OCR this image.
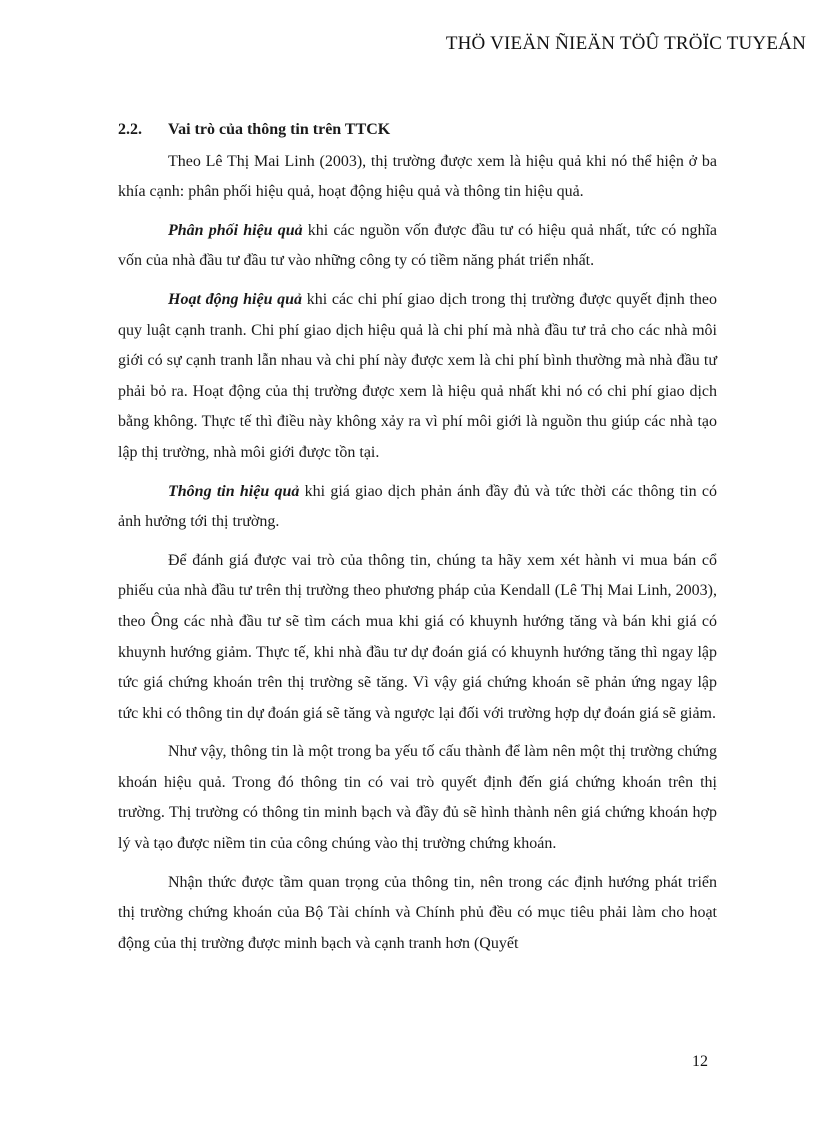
THÖ VIEÄN ÑIEÄN TÖÛ TRÖÏC TUYEÁN
2.2.	Vai trò của thông tin trên TTCK

Theo Lê Thị Mai Linh (2003), thị trường được xem là hiệu quả khi nó thể hiện ở ba khía cạnh: phân phối hiệu quả, hoạt động hiệu quả và thông tin hiệu quả.

Phân phối hiệu quả khi các nguồn vốn được đầu tư có hiệu quả nhất, tức có nghĩa vốn của nhà đầu tư đầu tư vào những công ty có tiềm năng phát triển nhất.

Hoạt động hiệu quả khi các chi phí giao dịch trong thị trường được quyết định theo quy luật cạnh tranh. Chi phí giao dịch hiệu quả là chi phí mà nhà đầu tư trả cho các nhà môi giới có sự cạnh tranh lẫn nhau và chi phí này được xem là chi phí bình thường mà nhà đầu tư phải bỏ ra. Hoạt động của thị trường được xem là hiệu quả nhất khi nó có chi phí giao dịch bằng không. Thực tế thì điều này không xảy ra vì phí môi giới là nguồn thu giúp các nhà tạo lập thị trường, nhà môi giới được tồn tại.

Thông tin hiệu quả khi giá giao dịch phản ánh đầy đủ và tức thời các thông tin có ảnh hưởng tới thị trường.

Để đánh giá được vai trò của thông tin, chúng ta hãy xem xét hành vi mua bán cổ phiếu của nhà đầu tư trên thị trường theo phương pháp của Kendall (Lê Thị Mai Linh, 2003), theo Ông các nhà đầu tư sẽ tìm cách mua khi giá có khuynh hướng tăng và bán khi giá có khuynh hướng giảm. Thực tế, khi nhà đầu tư dự đoán giá có khuynh hướng tăng thì ngay lập tức giá chứng khoán trên thị trường sẽ tăng. Vì vậy giá chứng khoán sẽ phản ứng ngay lập tức khi có thông tin dự đoán giá sẽ tăng và ngược lại đối với trường hợp dự đoán giá sẽ giảm.

Như vậy, thông tin là một trong ba yếu tố cấu thành để làm nên một thị trường chứng khoán hiệu quả. Trong đó thông tin có vai trò quyết định đến giá chứng khoán trên thị trường. Thị trường có thông tin minh bạch và đầy đủ sẽ hình thành nên giá chứng khoán hợp lý và tạo được niềm tin của công chúng vào thị trường chứng khoán.

Nhận thức được tầm quan trọng của thông tin, nên trong các định hướng phát triển thị trường chứng khoán của Bộ Tài chính và Chính phủ đều có mục tiêu phải làm cho hoạt động của thị trường được minh bạch và cạnh tranh hơn (Quyết

12
